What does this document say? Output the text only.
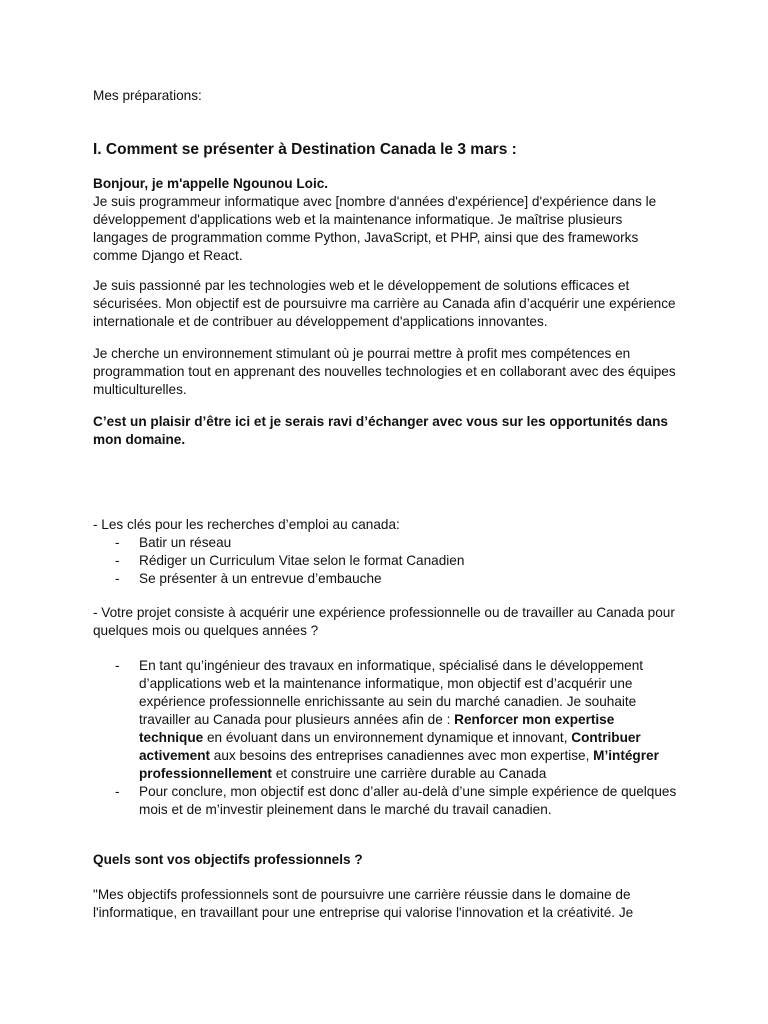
Mes préparations:

I. Comment se présenter à Destination Canada le 3 mars :

Bonjour, je m'appelle Ngounou Loic.
Je suis programmeur informatique avec [nombre d'années d'expérience] d'expérience dans le développement d'applications web et la maintenance informatique. Je maîtrise plusieurs langages de programmation comme Python, JavaScript, et PHP, ainsi que des frameworks comme Django et React.

Je suis passionné par les technologies web et le développement de solutions efficaces et sécurisées. Mon objectif est de poursuivre ma carrière au Canada afin d’acquérir une expérience internationale et de contribuer au développement d'applications innovantes.

Je cherche un environnement stimulant où je pourrai mettre à profit mes compétences en programmation tout en apprenant des nouvelles technologies et en collaborant avec des équipes multiculturelles.

C’est un plaisir d’être ici et je serais ravi d’échanger avec vous sur les opportunités dans mon domaine.

- Les clés pour les recherches d’emploi au canada:

- Batir un réseau
- Rédiger un Curriculum Vitae selon le format Canadien
- Se présenter à un entrevue d’embauche

- Votre projet consiste à acquérir une expérience professionnelle ou de travailler au Canada pour quelques mois ou quelques années ?

- En tant qu’ingénieur des travaux en informatique, spécialisé dans le développement d’applications web et la maintenance informatique, mon objectif est d’acquérir une expérience professionnelle enrichissante au sein du marché canadien. Je souhaite travailler au Canada pour plusieurs années afin de : Renforcer mon expertise technique en évoluant dans un environnement dynamique et innovant, Contribuer activement aux besoins des entreprises canadiennes avec mon expertise, M’intégrer professionnellement et construire une carrière durable au Canada
- Pour conclure, mon objectif est donc d’aller au-delà d’une simple expérience de quelques mois et de m’investir pleinement dans le marché du travail canadien.

Quels sont vos objectifs professionnels ?

"Mes objectifs professionnels sont de poursuivre une carrière réussie dans le domaine de l'informatique, en travaillant pour une entreprise qui valorise l'innovation et la créativité. Je
